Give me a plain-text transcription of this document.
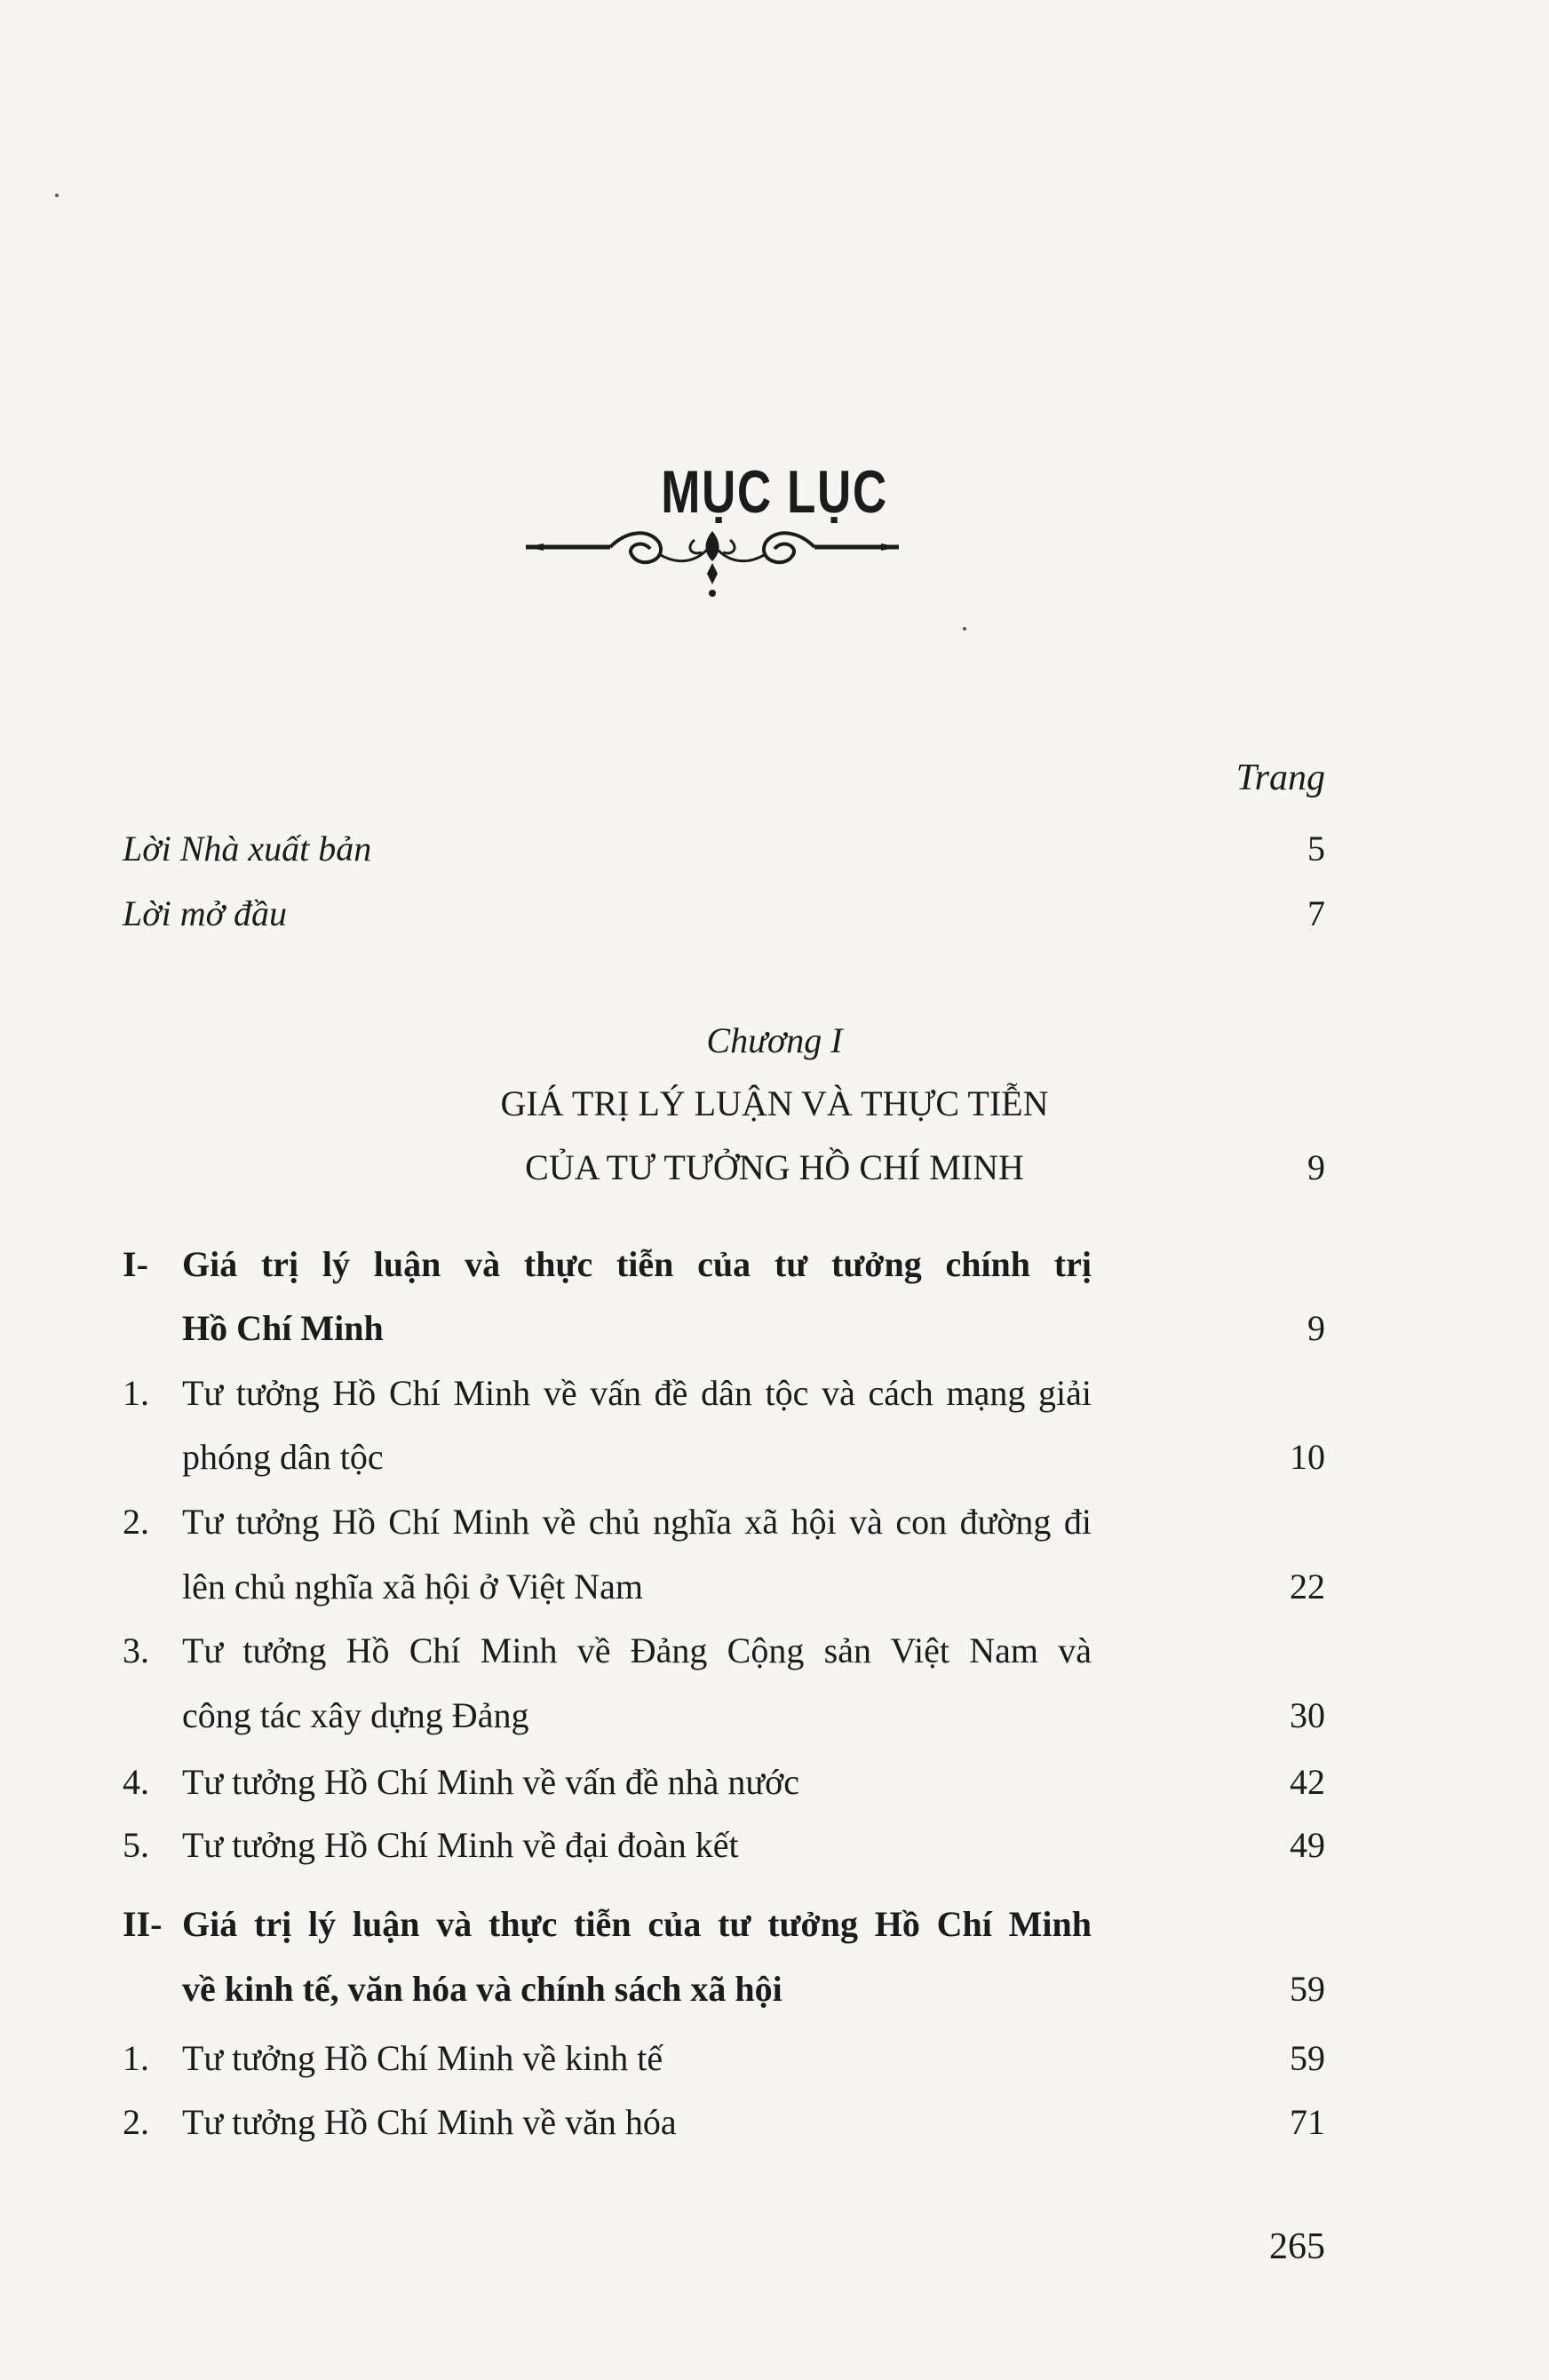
MỤC LỤC
Trang
Lời Nhà xuất bản	5
Lời mở đầu	7
Chương I
GIÁ TRỊ LÝ LUẬN VÀ THỰC TIỄN
CỦA TƯ TƯỞNG HỒ CHÍ MINH	9
I- Giá trị lý luận và thực tiễn của tư tưởng chính trị
Hồ Chí Minh	9
1. Tư tưởng Hồ Chí Minh về vấn đề dân tộc và cách mạng giải
phóng dân tộc	10
2. Tư tưởng Hồ Chí Minh về chủ nghĩa xã hội và con đường đi
lên chủ nghĩa xã hội ở Việt Nam	22
3. Tư tưởng Hồ Chí Minh về Đảng Cộng sản Việt Nam và
công tác xây dựng Đảng	30
4. Tư tưởng Hồ Chí Minh về vấn đề nhà nước	42
5. Tư tưởng Hồ Chí Minh về đại đoàn kết	49
II- Giá trị lý luận và thực tiễn của tư tưởng Hồ Chí Minh
về kinh tế, văn hóa và chính sách xã hội	59
1. Tư tưởng Hồ Chí Minh về kinh tế	59
2. Tư tưởng Hồ Chí Minh về văn hóa	71
265
